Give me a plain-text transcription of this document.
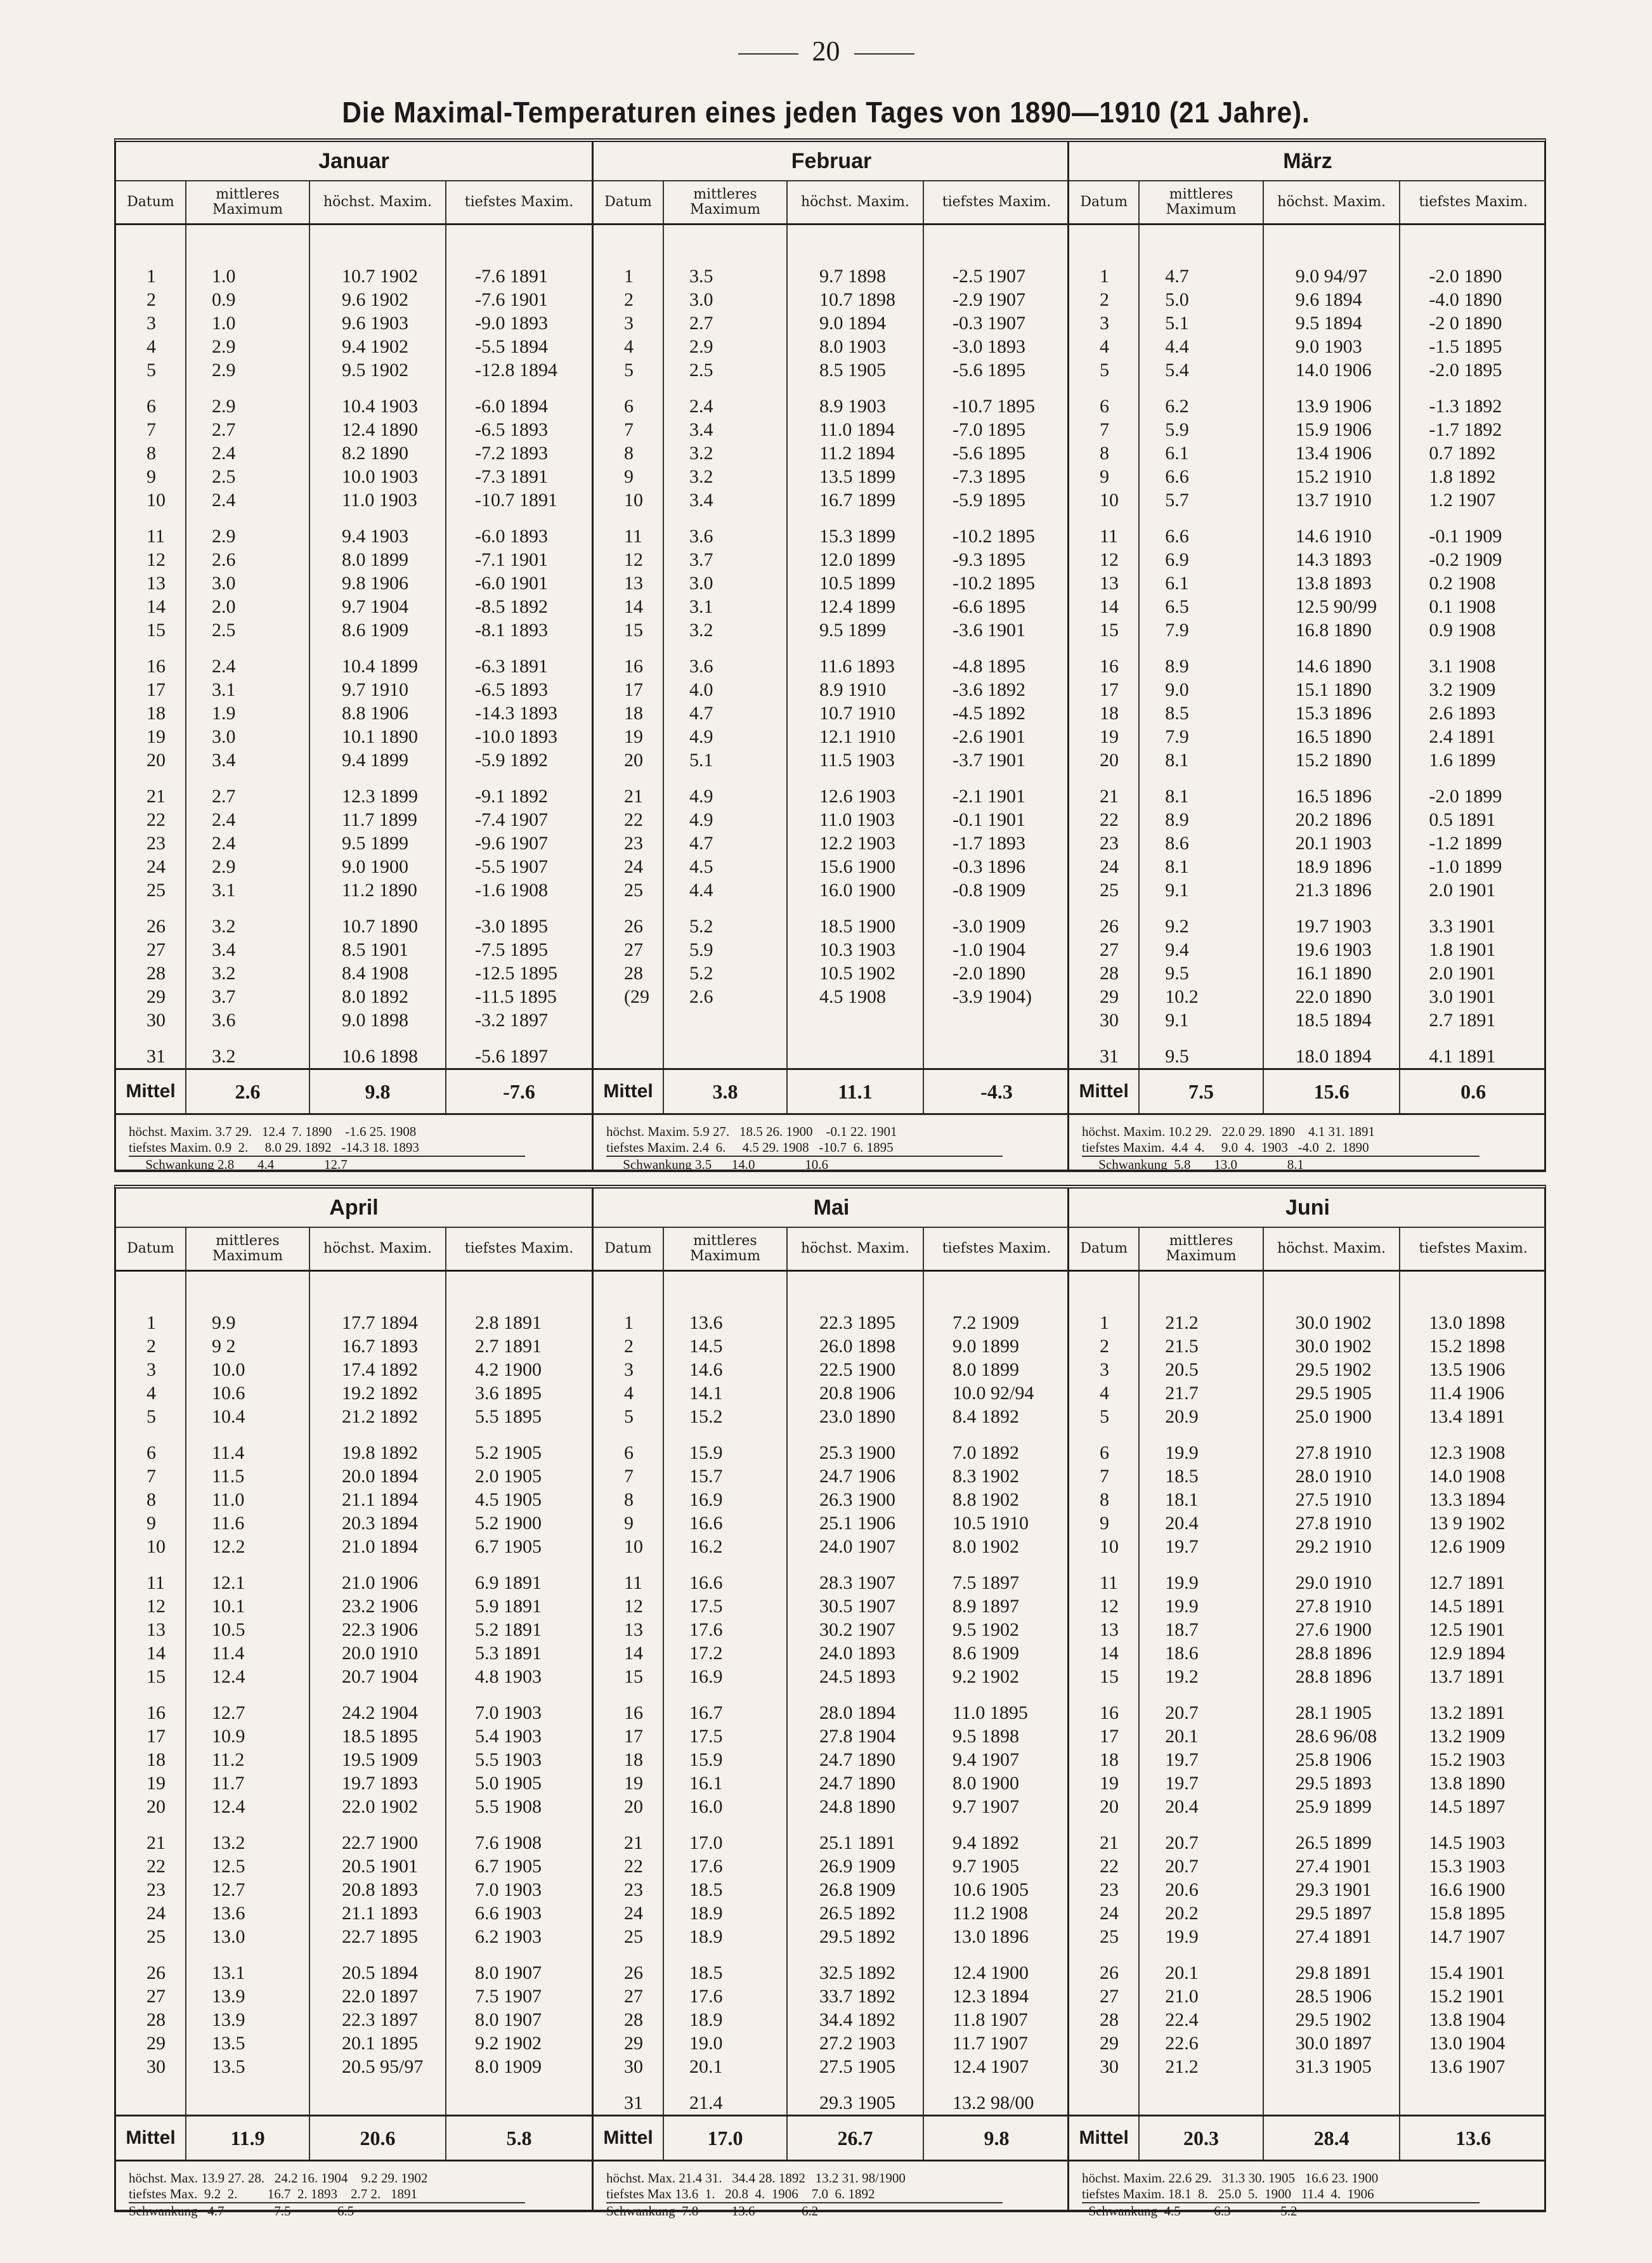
20
Die Maximal-Temperaturen eines jeden Tages von 1890—1910 (21 Jahre).
Januar
Datum	mittleres Maximum	höchst. Maxim.	tiefstes Maxim.
1	1.0	10.7 1902	-7.6 1891
2	0.9	9.6 1902	-7.6 1901
3	1.0	9.6 1903	-9.0 1893
4	2.9	9.4 1902	-5.5 1894
5	2.9	9.5 1902	-12.8 1894

6	2.9	10.4 1903	-6.0 1894
7	2.7	12.4 1890	-6.5 1893
8	2.4	8.2 1890	-7.2 1893
9	2.5	10.0 1903	-7.3 1891
10	2.4	11.0 1903	-10.7 1891

11	2.9	9.4 1903	-6.0 1893
12	2.6	8.0 1899	-7.1 1901
13	3.0	9.8 1906	-6.0 1901
14	2.0	9.7 1904	-8.5 1892
15	2.5	8.6 1909	-8.1 1893

16	2.4	10.4 1899	-6.3 1891
17	3.1	9.7 1910	-6.5 1893
18	1.9	8.8 1906	-14.3 1893
19	3.0	10.1 1890	-10.0 1893
20	3.4	9.4 1899	-5.9 1892

21	2.7	12.3 1899	-9.1 1892
22	2.4	11.7 1899	-7.4 1907
23	2.4	9.5 1899	-9.6 1907
24	2.9	9.0 1900	-5.5 1907
25	3.1	11.2 1890	-1.6 1908

26	3.2	10.7 1890	-3.0 1895
27	3.4	8.5 1901	-7.5 1895
28	3.2	8.4 1908	-12.5 1895
29	3.7	8.0 1892	-11.5 1895
30	3.6	9.0 1898	-3.2 1897

31	3.2	10.6 1898	-5.6 1897
Mittel	2.6	9.8	-7.6
höchst. Maxim. 3.7 29.   12.4  7. 1890    -1.6 25. 1908
tiefstes Maxim. 0.9  2.     8.0 29. 1892   -14.3 18. 1893
Schwankung 2.8       4.4               12.7
Februar
Datum	mittleres Maximum	höchst. Maxim.	tiefstes Maxim.
1	3.5	9.7 1898	-2.5 1907
2	3.0	10.7 1898	-2.9 1907
3	2.7	9.0 1894	-0.3 1907
4	2.9	8.0 1903	-3.0 1893
5	2.5	8.5 1905	-5.6 1895

6	2.4	8.9 1903	-10.7 1895
7	3.4	11.0 1894	-7.0 1895
8	3.2	11.2 1894	-5.6 1895
9	3.2	13.5 1899	-7.3 1895
10	3.4	16.7 1899	-5.9 1895

11	3.6	15.3 1899	-10.2 1895
12	3.7	12.0 1899	-9.3 1895
13	3.0	10.5 1899	-10.2 1895
14	3.1	12.4 1899	-6.6 1895
15	3.2	9.5 1899	-3.6 1901

16	3.6	11.6 1893	-4.8 1895
17	4.0	8.9 1910	-3.6 1892
18	4.7	10.7 1910	-4.5 1892
19	4.9	12.1 1910	-2.6 1901
20	5.1	11.5 1903	-3.7 1901

21	4.9	12.6 1903	-2.1 1901
22	4.9	11.0 1903	-0.1 1901
23	4.7	12.2 1903	-1.7 1893
24	4.5	15.6 1900	-0.3 1896
25	4.4	16.0 1900	-0.8 1909

26	5.2	18.5 1900	-3.0 1909
27	5.9	10.3 1903	-1.0 1904
28	5.2	10.5 1902	-2.0 1890
(29	2.6	4.5 1908	-3.9 1904)

Mittel	3.8	11.1	-4.3
höchst. Maxim. 5.9 27.   18.5 26. 1900    -0.1 22. 1901
tiefstes Maxim. 2.4  6.     4.5 29. 1908   -10.7  6. 1895
Schwankung 3.5      14.0               10.6
März
Datum	mittleres Maximum	höchst. Maxim.	tiefstes Maxim.
1	4.7	9.0 94/97	-2.0 1890
2	5.0	9.6 1894	-4.0 1890
3	5.1	9.5 1894	-2 0 1890
4	4.4	9.0 1903	-1.5 1895
5	5.4	14.0 1906	-2.0 1895

6	6.2	13.9 1906	-1.3 1892
7	5.9	15.9 1906	-1.7 1892
8	6.1	13.4 1906	0.7 1892
9	6.6	15.2 1910	1.8 1892
10	5.7	13.7 1910	1.2 1907

11	6.6	14.6 1910	-0.1 1909
12	6.9	14.3 1893	-0.2 1909
13	6.1	13.8 1893	0.2 1908
14	6.5	12.5 90/99	0.1 1908
15	7.9	16.8 1890	0.9 1908

16	8.9	14.6 1890	3.1 1908
17	9.0	15.1 1890	3.2 1909
18	8.5	15.3 1896	2.6 1893
19	7.9	16.5 1890	2.4 1891
20	8.1	15.2 1890	1.6 1899

21	8.1	16.5 1896	-2.0 1899
22	8.9	20.2 1896	0.5 1891
23	8.6	20.1 1903	-1.2 1899
24	8.1	18.9 1896	-1.0 1899
25	9.1	21.3 1896	2.0 1901

26	9.2	19.7 1903	3.3 1901
27	9.4	19.6 1903	1.8 1901
28	9.5	16.1 1890	2.0 1901
29	10.2	22.0 1890	3.0 1901
30	9.1	18.5 1894	2.7 1891

31	9.5	18.0 1894	4.1 1891
Mittel	7.5	15.6	0.6
höchst. Maxim. 10.2 29.   22.0 29. 1890    4.1 31. 1891
tiefstes Maxim.  4.4  4.     9.0  4.  1903   -4.0  2.  1890
Schwankung  5.8       13.0               8.1
April
Datum	mittleres Maximum	höchst. Maxim.	tiefstes Maxim.
1	9.9	17.7 1894	2.8 1891
2	9 2	16.7 1893	2.7 1891
3	10.0	17.4 1892	4.2 1900
4	10.6	19.2 1892	3.6 1895
5	10.4	21.2 1892	5.5 1895

6	11.4	19.8 1892	5.2 1905
7	11.5	20.0 1894	2.0 1905
8	11.0	21.1 1894	4.5 1905
9	11.6	20.3 1894	5.2 1900
10	12.2	21.0 1894	6.7 1905

11	12.1	21.0 1906	6.9 1891
12	10.1	23.2 1906	5.9 1891
13	10.5	22.3 1906	5.2 1891
14	11.4	20.0 1910	5.3 1891
15	12.4	20.7 1904	4.8 1903

16	12.7	24.2 1904	7.0 1903
17	10.9	18.5 1895	5.4 1903
18	11.2	19.5 1909	5.5 1903
19	11.7	19.7 1893	5.0 1905
20	12.4	22.0 1902	5.5 1908

21	13.2	22.7 1900	7.6 1908
22	12.5	20.5 1901	6.7 1905
23	12.7	20.8 1893	7.0 1903
24	13.6	21.1 1893	6.6 1903
25	13.0	22.7 1895	6.2 1903

26	13.1	20.5 1894	8.0 1907
27	13.9	22.0 1897	7.5 1907
28	13.9	22.3 1897	8.0 1907
29	13.5	20.1 1895	9.2 1902
30	13.5	20.5 95/97	8.0 1909

Mittel	11.9	20.6	5.8
höchst. Max. 13.9 27. 28.   24.2 16. 1904    9.2 29. 1902
tiefstes Max.  9.2  2.         16.7  2. 1893    2.7 2.   1891
Schwankung   4.7               7.5              6.5
Mai
Datum	mittleres Maximum	höchst. Maxim.	tiefstes Maxim.
1	13.6	22.3 1895	7.2 1909
2	14.5	26.0 1898	9.0 1899
3	14.6	22.5 1900	8.0 1899
4	14.1	20.8 1906	10.0 92/94
5	15.2	23.0 1890	8.4 1892

6	15.9	25.3 1900	7.0 1892
7	15.7	24.7 1906	8.3 1902
8	16.9	26.3 1900	8.8 1902
9	16.6	25.1 1906	10.5 1910
10	16.2	24.0 1907	8.0 1902

11	16.6	28.3 1907	7.5 1897
12	17.5	30.5 1907	8.9 1897
13	17.6	30.2 1907	9.5 1902
14	17.2	24.0 1893	8.6 1909
15	16.9	24.5 1893	9.2 1902

16	16.7	28.0 1894	11.0 1895
17	17.5	27.8 1904	9.5 1898
18	15.9	24.7 1890	9.4 1907
19	16.1	24.7 1890	8.0 1900
20	16.0	24.8 1890	9.7 1907

21	17.0	25.1 1891	9.4 1892
22	17.6	26.9 1909	9.7 1905
23	18.5	26.8 1909	10.6 1905
24	18.9	26.5 1892	11.2 1908
25	18.9	29.5 1892	13.0 1896

26	18.5	32.5 1892	12.4 1900
27	17.6	33.7 1892	12.3 1894
28	18.9	34.4 1892	11.8 1907
29	19.0	27.2 1903	11.7 1907
30	20.1	27.5 1905	12.4 1907

31	21.4	29.3 1905	13.2 98/00
Mittel	17.0	26.7	9.8
höchst. Max. 21.4 31.   34.4 28. 1892   13.2 31. 98/1900
tiefstes Max 13.6  1.   20.8  4.  1906    7.0  6. 1892
Schwankung  7.8          13.6              6.2
Juni
Datum	mittleres Maximum	höchst. Maxim.	tiefstes Maxim.
1	21.2	30.0 1902	13.0 1898
2	21.5	30.0 1902	15.2 1898
3	20.5	29.5 1902	13.5 1906
4	21.7	29.5 1905	11.4 1906
5	20.9	25.0 1900	13.4 1891

6	19.9	27.8 1910	12.3 1908
7	18.5	28.0 1910	14.0 1908
8	18.1	27.5 1910	13.3 1894
9	20.4	27.8 1910	13 9 1902
10	19.7	29.2 1910	12.6 1909

11	19.9	29.0 1910	12.7 1891
12	19.9	27.8 1910	14.5 1891
13	18.7	27.6 1900	12.5 1901
14	18.6	28.8 1896	12.9 1894
15	19.2	28.8 1896	13.7 1891

16	20.7	28.1 1905	13.2 1891
17	20.1	28.6 96/08	13.2 1909
18	19.7	25.8 1906	15.2 1903
19	19.7	29.5 1893	13.8 1890
20	20.4	25.9 1899	14.5 1897

21	20.7	26.5 1899	14.5 1903
22	20.7	27.4 1901	15.3 1903
23	20.6	29.3 1901	16.6 1900
24	20.2	29.5 1897	15.8 1895
25	19.9	27.4 1891	14.7 1907

26	20.1	29.8 1891	15.4 1901
27	21.0	28.5 1906	15.2 1901
28	22.4	29.5 1902	13.8 1904
29	22.6	30.0 1897	13.0 1904
30	21.2	31.3 1905	13.6 1907

Mittel	20.3	28.4	13.6
höchst. Maxim. 22.6 29.   31.3 30. 1905   16.6 23. 1900
tiefstes Maxim. 18.1  8.   25.0  5.  1900   11.4  4.  1906
Schwankung  4.5          6.3               5.2
